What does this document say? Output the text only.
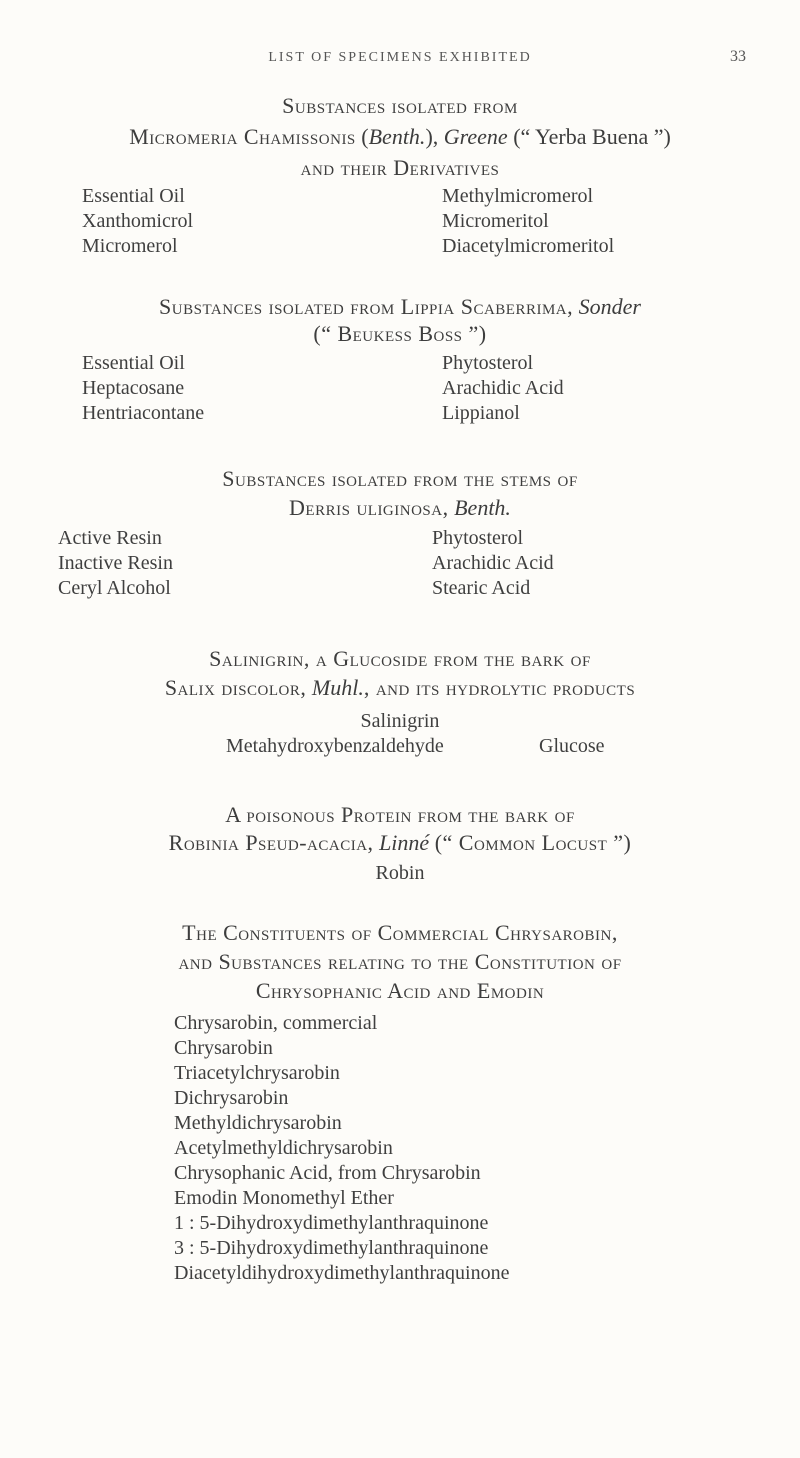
LIST OF SPECIMENS EXHIBITED	33
Substances isolated from
Micromeria Chamissonis (Benth.), Greene (“ Yerba Buena ”)
and their Derivatives
Essential Oil
Xanthomicrol
Micromerol
Methylmicromerol
Micromeritol
Diacetylmicromeritol
Substances isolated from Lippia Scaberrima, Sonder
(“ Beukess Boss ”)
Essential Oil
Heptacosane
Hentriacontane
Phytosterol
Arachidic Acid
Lippianol
Substances isolated from the stems of
Derris uliginosa, Benth.
Active Resin
Inactive Resin
Ceryl Alcohol
Phytosterol
Arachidic Acid
Stearic Acid
Salinigrin, a Glucoside from the bark of
Salix discolor, Muhl., and its hydrolytic products
Salinigrin
Metahydroxybenzaldehyde	Glucose
A poisonous Protein from the bark of
Robinia Pseud-acacia, Linné (“ Common Locust ”)
Robin
The Constituents of Commercial Chrysarobin,
and Substances relating to the Constitution of
Chrysophanic Acid and Emodin
Chrysarobin, commercial
Chrysarobin
Triacetylchrysarobin
Dichrysarobin
Methyldichrysarobin
Acetylmethyldichrysarobin
Chrysophanic Acid, from Chrysarobin
Emodin Monomethyl Ether
1 : 5-Dihydroxydimethylanthraquinone
3 : 5-Dihydroxydimethylanthraquinone
Diacetyldihydroxydimethylanthraquinone
